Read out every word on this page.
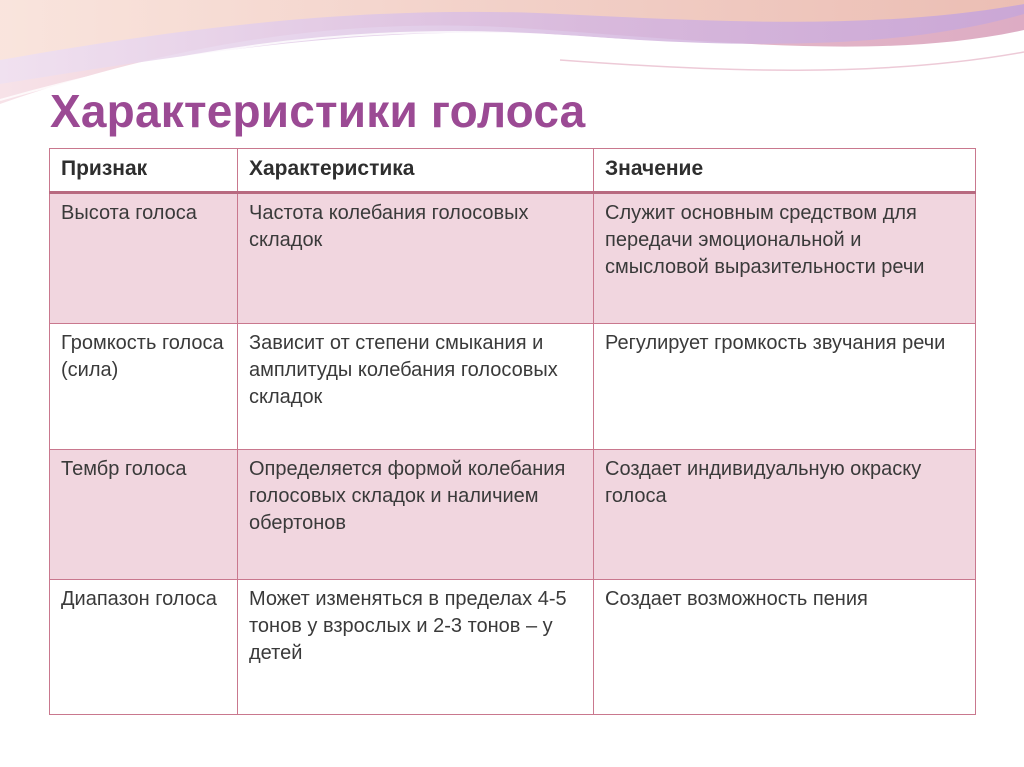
Характеристики голоса
Признак	Характеристика	Значение
Высота голоса	Частота колебания голосовых складок	Служит основным средством для передачи эмоциональной и смысловой выразительности речи
Громкость голоса (сила)	Зависит от степени смыкания и амплитуды колебания голосовых складок	Регулирует громкость звучания речи
Тембр голоса	Определяется формой колебания голосовых складок и наличием обертонов	Создает индивидуальную окраску голоса
Диапазон голоса	Может изменяться в пределах 4-5 тонов у взрослых и 2-3 тонов – у детей	Создает возможность пения
